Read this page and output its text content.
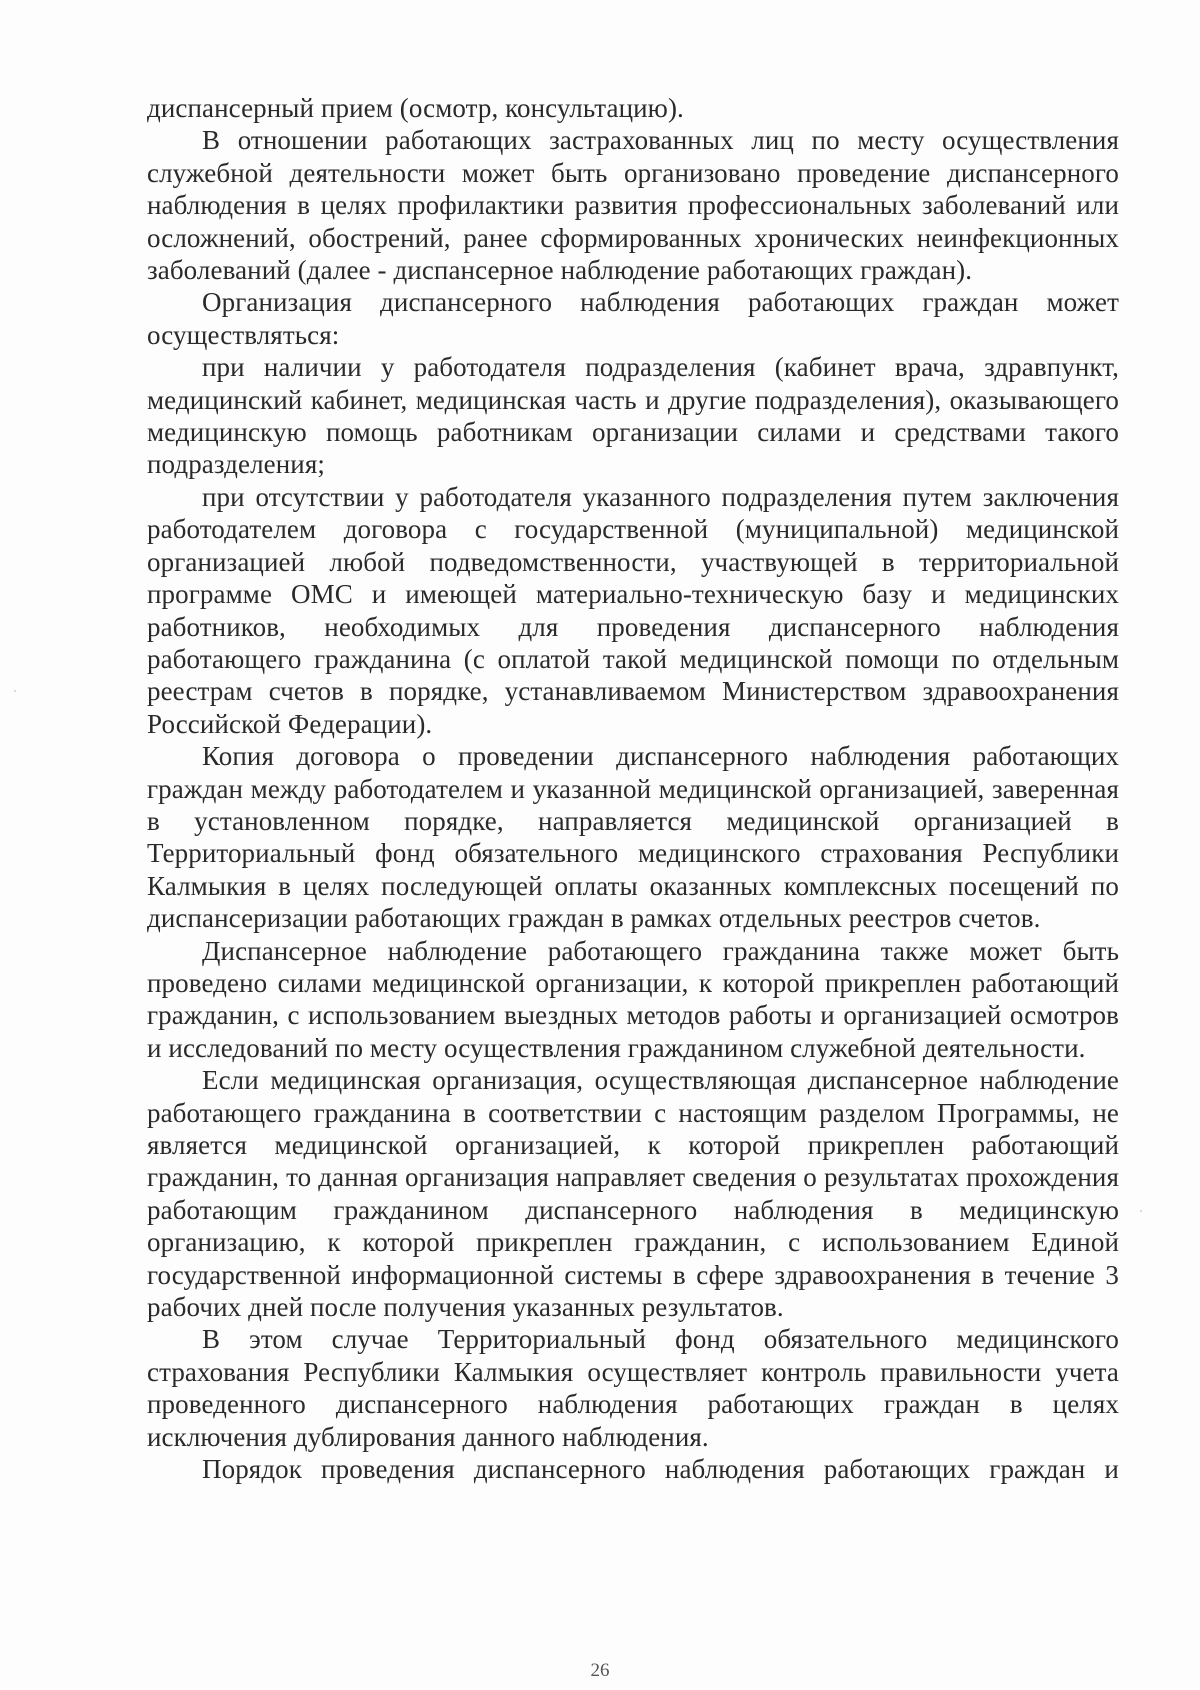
диспансерный прием (осмотр, консультацию).

В отношении работающих застрахованных лиц по месту осуществления служебной деятельности может быть организовано проведение диспансерного наблюдения в целях профилактики развития профессиональных заболеваний или осложнений, обострений, ранее сформированных хронических неинфекционных заболеваний (далее - диспансерное наблюдение работающих граждан).

Организация диспансерного наблюдения работающих граждан может осуществляться:

при наличии у работодателя подразделения (кабинет врача, здравпункт, медицинский кабинет, медицинская часть и другие подразделения), оказывающего медицинскую помощь работникам организации силами и средствами такого подразделения;

при отсутствии у работодателя указанного подразделения путем заключения работодателем договора с государственной (муниципальной) медицинской организацией любой подведомственности, участвующей в территориальной программе ОМС и имеющей материально-техническую базу и медицинских работников, необходимых для проведения диспансерного наблюдения работающего гражданина (с оплатой такой медицинской помощи по отдельным реестрам счетов в порядке, устанавливаемом Министерством здравоохранения Российской Федерации).

Копия договора о проведении диспансерного наблюдения работающих граждан между работодателем и указанной медицинской организацией, заверенная в установленном порядке, направляется медицинской организацией в Территориальный фонд обязательного медицинского страхования Республики Калмыкия в целях последующей оплаты оказанных комплексных посещений по диспансеризации работающих граждан в рамках отдельных реестров счетов.

Диспансерное наблюдение работающего гражданина также может быть проведено силами медицинской организации, к которой прикреплен работающий гражданин, с использованием выездных методов работы и организацией осмотров и исследований по месту осуществления гражданином служебной деятельности.

Если медицинская организация, осуществляющая диспансерное наблюдение работающего гражданина в соответствии с настоящим разделом Программы, не является медицинской организацией, к которой прикреплен работающий гражданин, то данная организация направляет сведения о результатах прохождения работающим гражданином диспансерного наблюдения в медицинскую организацию, к которой прикреплен гражданин, с использованием Единой государственной информационной системы в сфере здравоохранения в течение 3 рабочих дней после получения указанных результатов.

В этом случае Территориальный фонд обязательного медицинского страхования Республики Калмыкия осуществляет контроль правильности учета проведенного диспансерного наблюдения работающих граждан в целях исключения дублирования данного наблюдения.

Порядок проведения диспансерного наблюдения работающих граждан и

26
